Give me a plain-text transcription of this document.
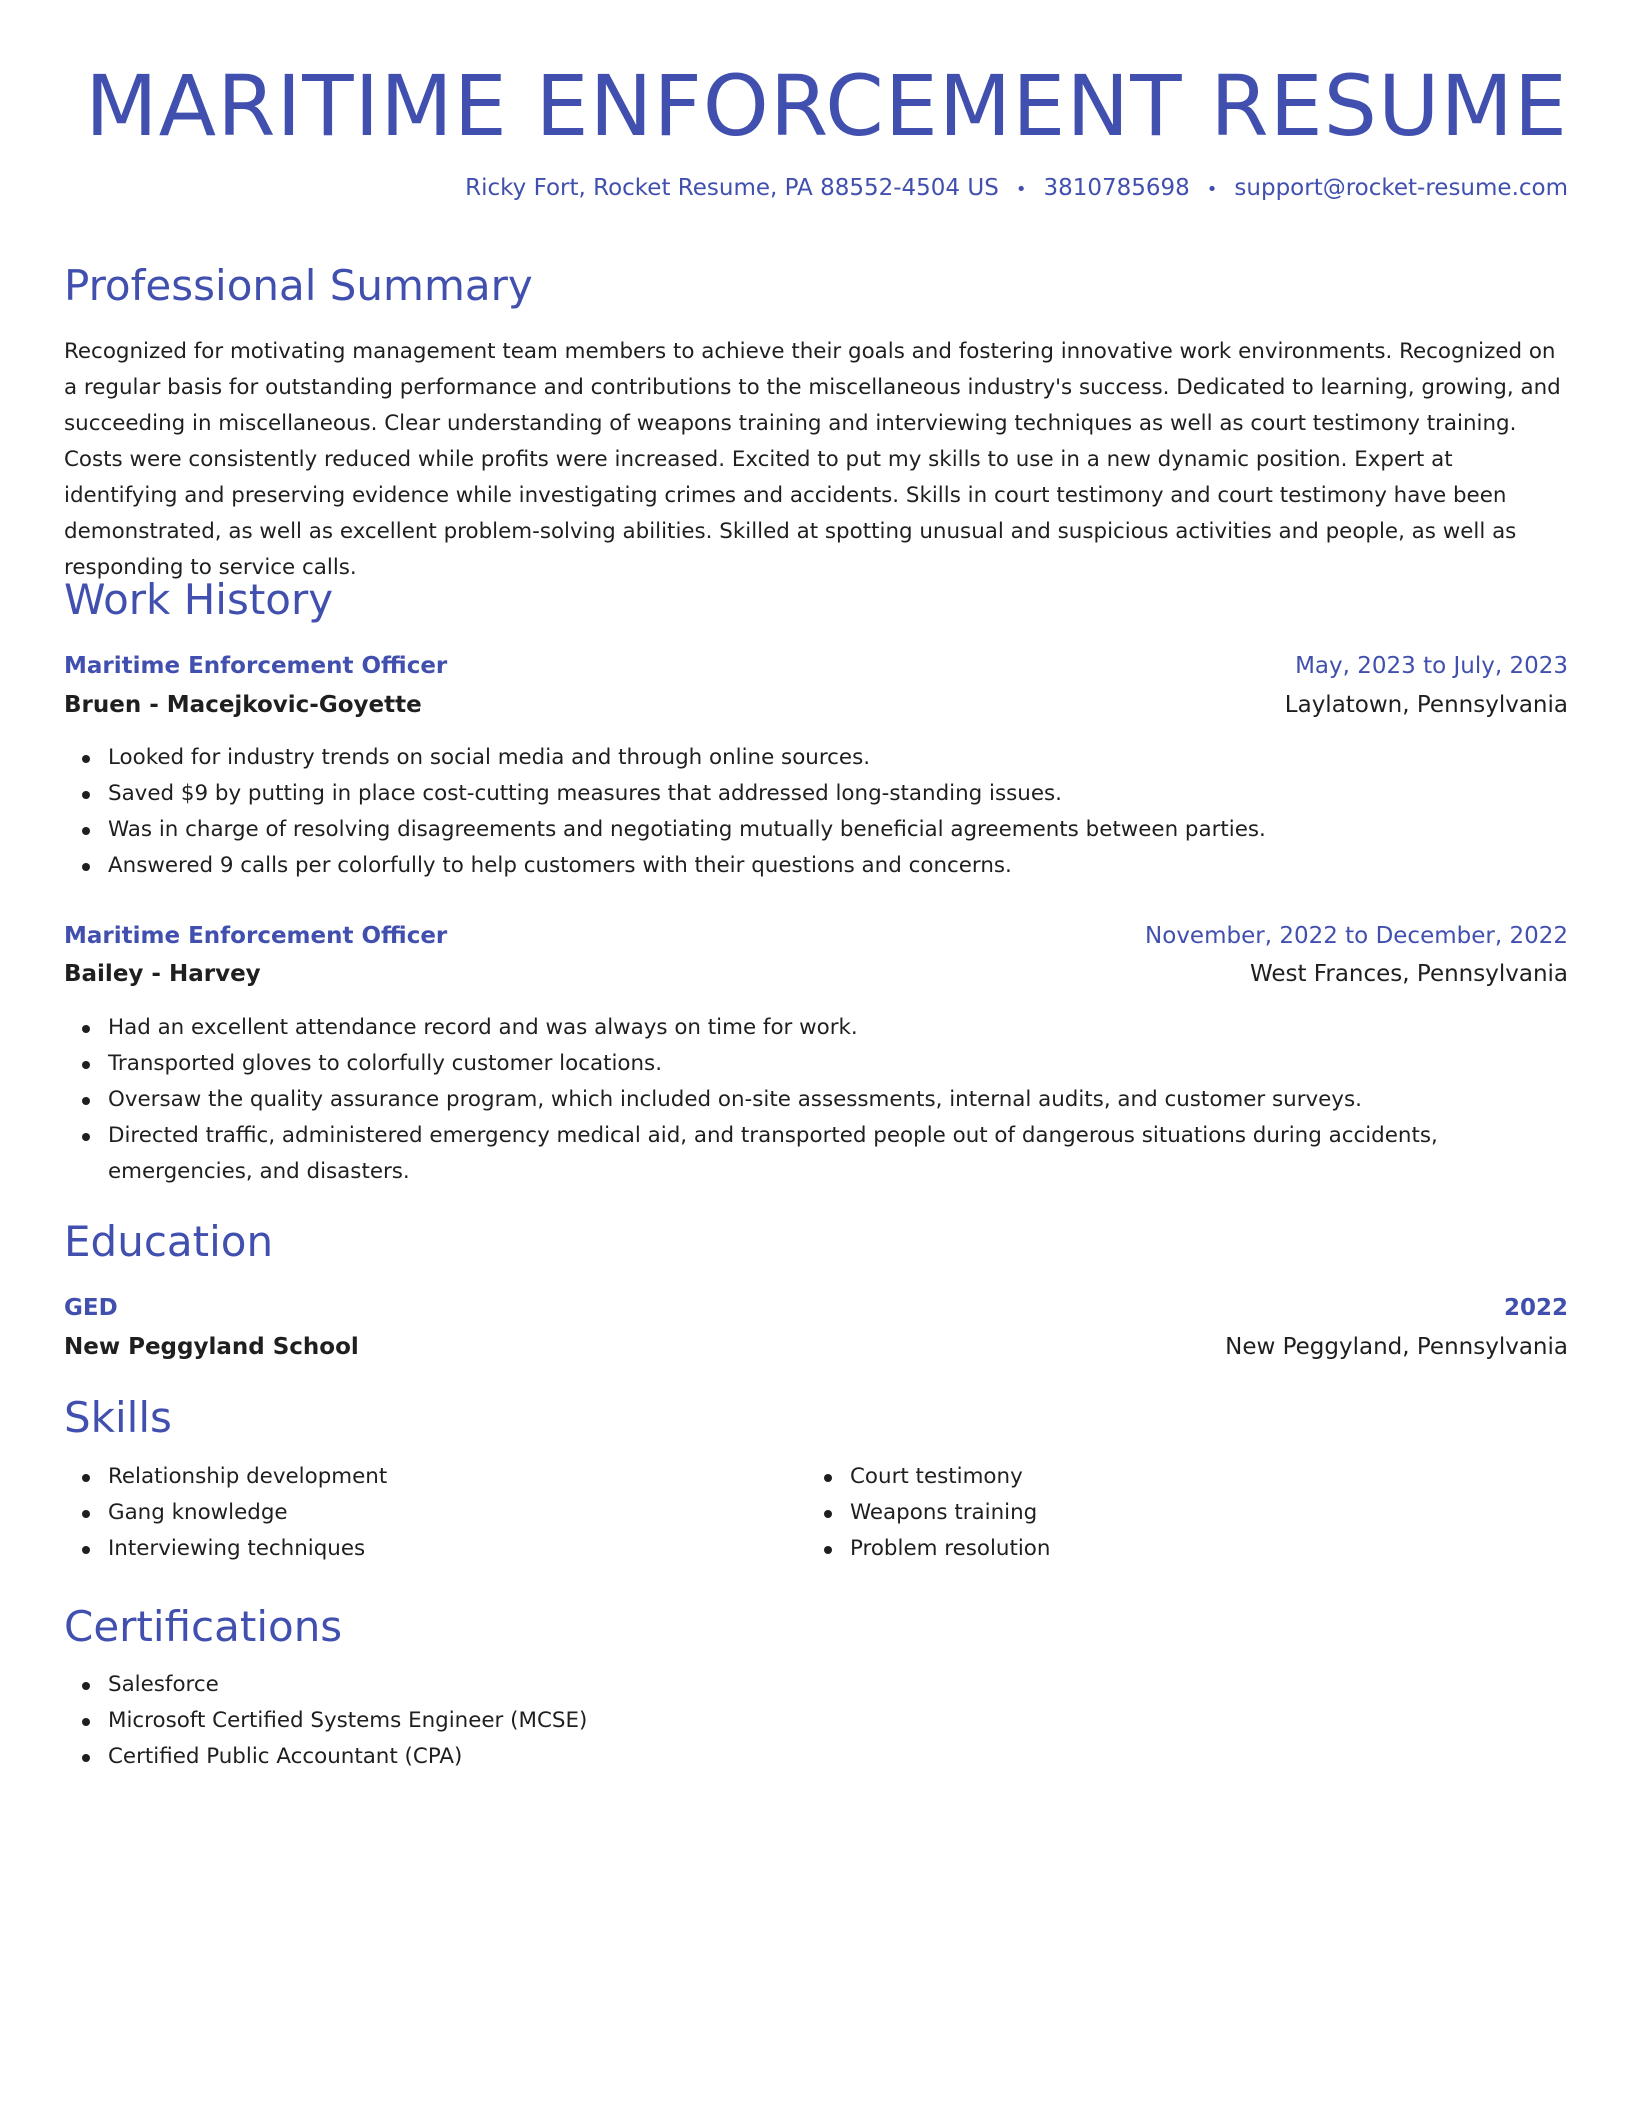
MARITIME ENFORCEMENT RESUME
Ricky Fort, Rocket Resume, PA 88552-4504 US • 3810785698 • support@rocket-resume.com
Professional Summary

Recognized for motivating management team members to achieve their goals and fostering innovative work environments. Recognized on a regular basis for outstanding performance and contributions to the miscellaneous industry's success. Dedicated to learning, growing, and succeeding in miscellaneous. Clear understanding of weapons training and interviewing techniques as well as court testimony training. Costs were consistently reduced while profits were increased. Excited to put my skills to use in a new dynamic position. Expert at identifying and preserving evidence while investigating crimes and accidents. Skills in court testimony and court testimony have been demonstrated, as well as excellent problem-solving abilities. Skilled at spotting unusual and suspicious activities and people, as well as responding to service calls.

Work History
Maritime Enforcement Officer	May, 2023 to July, 2023
Bruen - Macejkovic-Goyette	Laylatown, Pennsylvania
Looked for industry trends on social media and through online sources.
Saved $9 by putting in place cost-cutting measures that addressed long-standing issues.
Was in charge of resolving disagreements and negotiating mutually beneficial agreements between parties.
Answered 9 calls per colorfully to help customers with their questions and concerns.
Maritime Enforcement Officer	November, 2022 to December, 2022
Bailey - Harvey	West Frances, Pennsylvania
Had an excellent attendance record and was always on time for work.
Transported gloves to colorfully customer locations.
Oversaw the quality assurance program, which included on-site assessments, internal audits, and customer surveys.
Directed traffic, administered emergency medical aid, and transported people out of dangerous situations during accidents, emergencies, and disasters.
Education
GED	2022
New Peggyland School	New Peggyland, Pennsylvania
Skills
Relationship development
Gang knowledge
Interviewing techniques
Court testimony
Weapons training
Problem resolution
Certifications
Salesforce
Microsoft Certified Systems Engineer (MCSE)
Certified Public Accountant (CPA)
